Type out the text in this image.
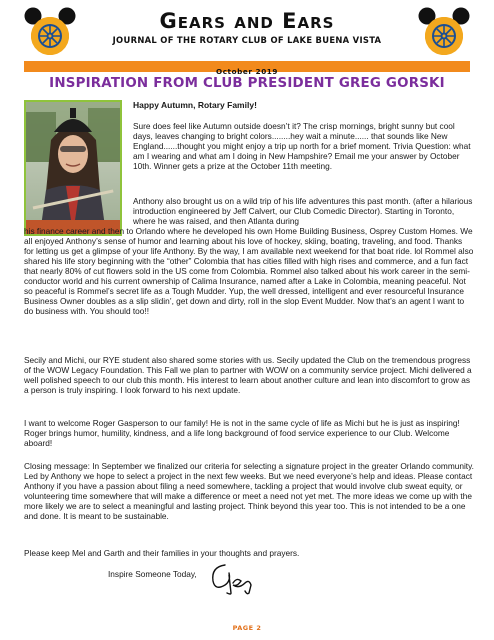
Gears and Ears
JOURNAL OF THE ROTARY CLUB OF LAKE BUENA VISTA
October 2019
INSPIRATION FROM CLUB PRESIDENT GREG GORSKI

Happy Autumn, Rotary Family!

Sure does feel like Autumn outside doesn’t it? The crisp mornings, bright sunny but cool days, leaves changing to bright colors........hey wait a minute...... that sounds like New England......thought you might enjoy a trip up north for a brief moment. Trivia Question: what am I wearing and what am I doing in New Hampshire? Email me your answer by October 10th. Winner gets a prize at the October 11th meeting.

Anthony also brought us on a wild trip of his life adventures this past month. (after a hilarious introduction engineered by Jeff Calvert, our Club Comedic Director). Starting in Toronto, where he was raised, and then Atlanta during

his finance career and then to Orlando where he developed his own Home Building Business, Osprey Custom Homes. We all enjoyed Anthony’s sense of humor and learning about his love of hockey, skiing, boating, traveling, and food. Thanks for letting us get a glimpse of your life Anthony. By the way, I am available next weekend for that boat ride. lol Rommel also shared his life story beginning with the “other” Colombia that has cities filled with high rises and commerce, and a fun fact that nearly 80% of cut flowers sold in the US come from Colombia. Rommel also talked about his work career in the semi-conductor world and his current ownership of Calima Insurance, named after a Lake in Colombia, meaning peaceful. Not so peaceful is Rommel’s secret life as a Tough Mudder. Yup, the well dressed, intelligent and ever resourceful Insurance Business Owner doubles as a slip slidin’, get down and dirty, roll in the slop Event Mudder. Now that’s an agent I want to do business with. You should too!!

Secily and Michi, our RYE student also shared some stories with us. Secily updated the Club on the tremendous progress of the WOW Legacy Foundation. This Fall we plan to partner with WOW on a community service project. Michi delivered a well polished speech to our club this month. His interest to learn about another culture and lean into discomfort to grow as a person is truly inspiring. I look forward to his next update.

I want to welcome Roger Gasperson to our family! He is not in the same cycle of life as Michi but he is just as inspiring! Roger brings humor, humility, kindness, and a life long background of food service experience to our Club. Welcome aboard!

Closing message: In September we finalized our criteria for selecting a signature project in the greater Orlando community. Led by Anthony we hope to select a project in the next few weeks. But we need everyone’s help and ideas. Please contact Anthony if you have a passion about filing a need somewhere, tackling a project that would involve club sweat equity, or volunteering time somewhere that will make a difference or meet a need not yet met. The more ideas we come up with the more likely we are to select a meaningful and lasting project. Think beyond this year too. This is not intended to be a one and done. It is meant to be sustainable.

Please keep Mel and Garth and their families in your thoughts and prayers.

Inspire Someone Today,
PAGE 2
